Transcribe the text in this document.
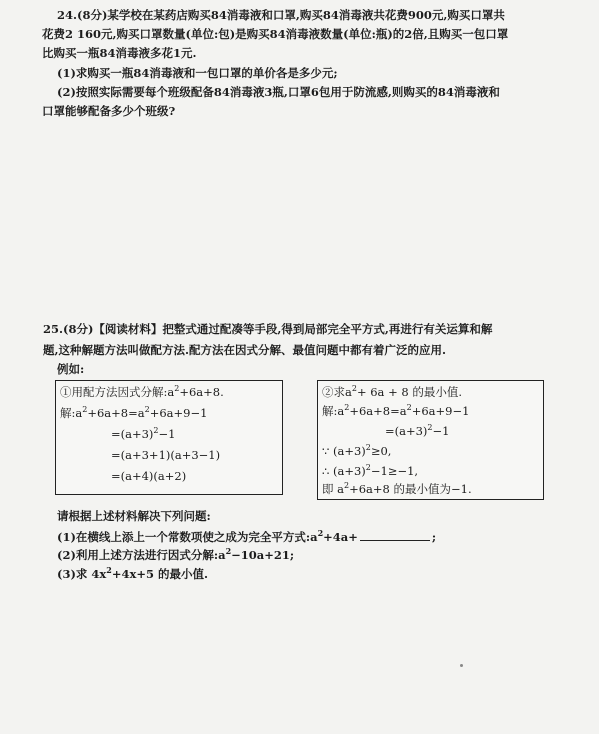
24.(8分)某学校在某药店购买84消毒液和口罩,购买84消毒液共花费900元,购买口罩共
花费2 160元,购买口罩数量(单位:包)是购买84消毒液数量(单位:瓶)的2倍,且购买一包口罩
比购买一瓶84消毒液多花1元.
(1)求购买一瓶84消毒液和一包口罩的单价各是多少元;
(2)按照实际需要每个班级配备84消毒液3瓶,口罩6包用于防流感,则购买的84消毒液和
口罩能够配备多少个班级?
25.(8分)【阅读材料】把整式通过配凑等手段,得到局部完全平方式,再进行有关运算和解
题,这种解题方法叫做配方法.配方法在因式分解、最值问题中都有着广泛的应用.
例如:
①用配方法因式分解$:a^2+6a+8$.
解$:a^2+6a+8=a^2+6a+9-1$
$=(a+3)^2-1$
=(a+3+1)(a+3−1)
=(a+4)(a+2)
②求$a^2+ 6a + 8$ 的最小值.
解$:a^2+6a+8=a^2+6a+9-1$
$=(a+3)^2-1$
∵ $(a+3)^2\ge 0$,
∴ $(a+3)^2-1\ge-1$,
即 $a^2+6a+8$ 的最小值为−1.
请根据上述材料解决下列问题:
(1)在横线上添上一个常数项使之成为完全平方式$:a^2+4a+$	;
(2)利用上述方法进行因式分解$:a^2-10a+21$;
(3)求 $4x^2+4x+5$ 的最小值.
